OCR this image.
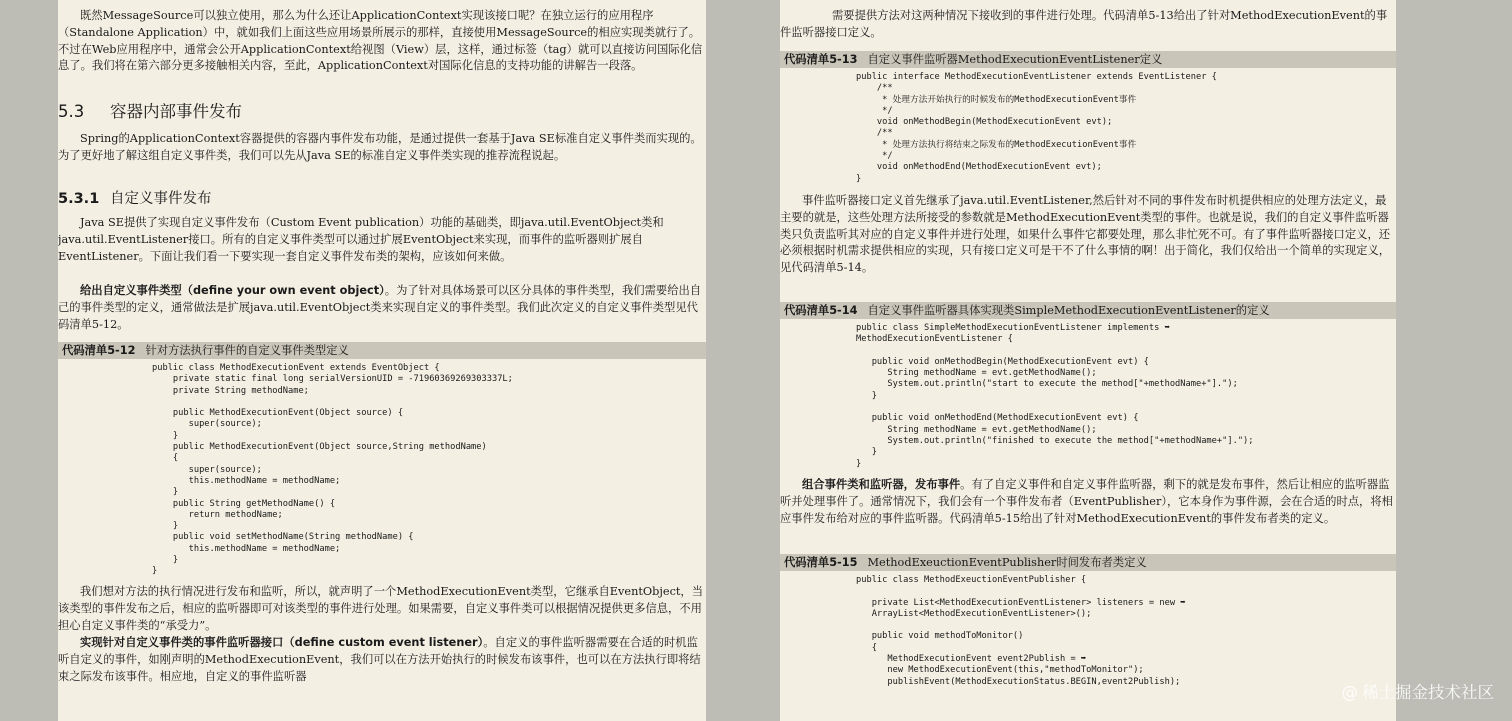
既然MessageSource可以独立使用，那么为什么还让ApplicationContext实现该接口呢？在独立运行的应用程序（Standalone Application）中，就如我们上面这些应用场景所展示的那样，直接使用MessageSource的相应实现类就行了。不过在Web应用程序中，通常会公开ApplicationContext给视图（View）层，这样，通过标签（tag）就可以直接访问国际化信息了。我们将在第六部分更多接触相关内容，至此，ApplicationContext对国际化信息的支持功能的讲解告一段落。

5.3 容器内部事件发布

Spring的ApplicationContext容器提供的容器内事件发布功能，是通过提供一套基于Java SE标准自定义事件类而实现的。为了更好地了解这组自定义事件类，我们可以先从Java SE的标准自定义事件类实现的推荐流程说起。

5.3.1 自定义事件发布

Java SE提供了实现自定义事件发布（Custom Event publication）功能的基础类，即java.util.EventObject类和java.util.EventListener接口。所有的自定义事件类型可以通过扩展EventObject来实现，而事件的监听器则扩展自EventListener。下面让我们看一下要实现一套自定义事件发布类的架构，应该如何来做。

给出自定义事件类型（define your own event object）。为了针对具体场景可以区分具体的事件类型，我们需要给出自己的事件类型的定义，通常做法是扩展java.util.EventObject类来实现自定义的事件类型。我们此次定义的自定义事件类型见代码清单5-12。

代码清单5-12 针对方法执行事件的自定义事件类型定义
public class MethodExecutionEvent extends EventObject {
private static final long serialVersionUID = -71960369269303337L;
private String methodName;

public MethodExecutionEvent(Object source) {
super(source);
}
public MethodExecutionEvent(Object source,String methodName)
{
super(source);
this.methodName = methodName;
}
public String getMethodName() {
return methodName;
}
public void setMethodName(String methodName) {
this.methodName = methodName;
}
}

我们想对方法的执行情况进行发布和监听，所以，就声明了一个MethodExecutionEvent类型，它继承自EventObject，当该类型的事件发布之后，相应的监听器即可对该类型的事件进行处理。如果需要，自定义事件类可以根据情况提供更多信息，不用担心自定义事件类的“承受力”。

实现针对自定义事件类的事件监听器接口（define custom event listener）。自定义的事件监听器需要在合适的时机监听自定义的事件，如刚声明的MethodExecutionEvent，我们可以在方法开始执行的时候发布该事件，也可以在方法执行即将结束之际发布该事件。相应地，自定义的事件监听器

需要提供方法对这两种情况下接收到的事件进行处理。代码清单5-13给出了针对MethodExecutionEvent的事件监听器接口定义。

代码清单5-13 自定义事件监听器MethodExecutionEventListener定义
public interface MethodExecutionEventListener extends EventListener {
/**
* 处理方法开始执行的时候发布的MethodExecutionEvent事件
*/
void onMethodBegin(MethodExecutionEvent evt);
/**
* 处理方法执行将结束之际发布的MethodExecutionEvent事件
*/
void onMethodEnd(MethodExecutionEvent evt);
}

事件监听器接口定义首先继承了java.util.EventListener,然后针对不同的事件发布时机提供相应的处理方法定义，最主要的就是，这些处理方法所接受的参数就是MethodExecutionEvent类型的事件。也就是说，我们的自定义事件监听器类只负责监听其对应的自定义事件并进行处理，如果什么事件它都要处理，那么非忙死不可。有了事件监听器接口定义，还必须根据时机需求提供相应的实现，只有接口定义可是干不了什么事情的啊！出于简化，我们仅给出一个简单的实现定义，见代码清单5-14。

代码清单5-14 自定义事件监听器具体实现类SimpleMethodExecutionEventListener的定义
public class SimpleMethodExecutionEventListener implements ➥
MethodExecutionEventListener {

public void onMethodBegin(MethodExecutionEvent evt) {
String methodName = evt.getMethodName();
System.out.println("start to execute the method["+methodName+"].");
}

public void onMethodEnd(MethodExecutionEvent evt) {
String methodName = evt.getMethodName();
System.out.println("finished to execute the method["+methodName+"].");
}
}

组合事件类和监听器，发布事件。有了自定义事件和自定义事件监听器，剩下的就是发布事件，然后让相应的监听器监听并处理事件了。通常情况下，我们会有一个事件发布者（EventPublisher），它本身作为事件源，会在合适的时点，将相应事件发布给对应的事件监听器。代码清单5-15给出了针对MethodExecutionEvent的事件发布者类的定义。

代码清单5-15 MethodExeuctionEventPublisher时间发布者类定义
public class MethodExeuctionEventPublisher {

private List<MethodExecutionEventListener> listeners = new ➥
ArrayList<MethodExecutionEventListener>();

public void methodToMonitor()
{
MethodExecutionEvent event2Publish = ➥
new MethodExecutionEvent(this,"methodToMonitor");
publishEvent(MethodExecutionStatus.BEGIN,event2Publish);
@ 稀土掘金技术社区
